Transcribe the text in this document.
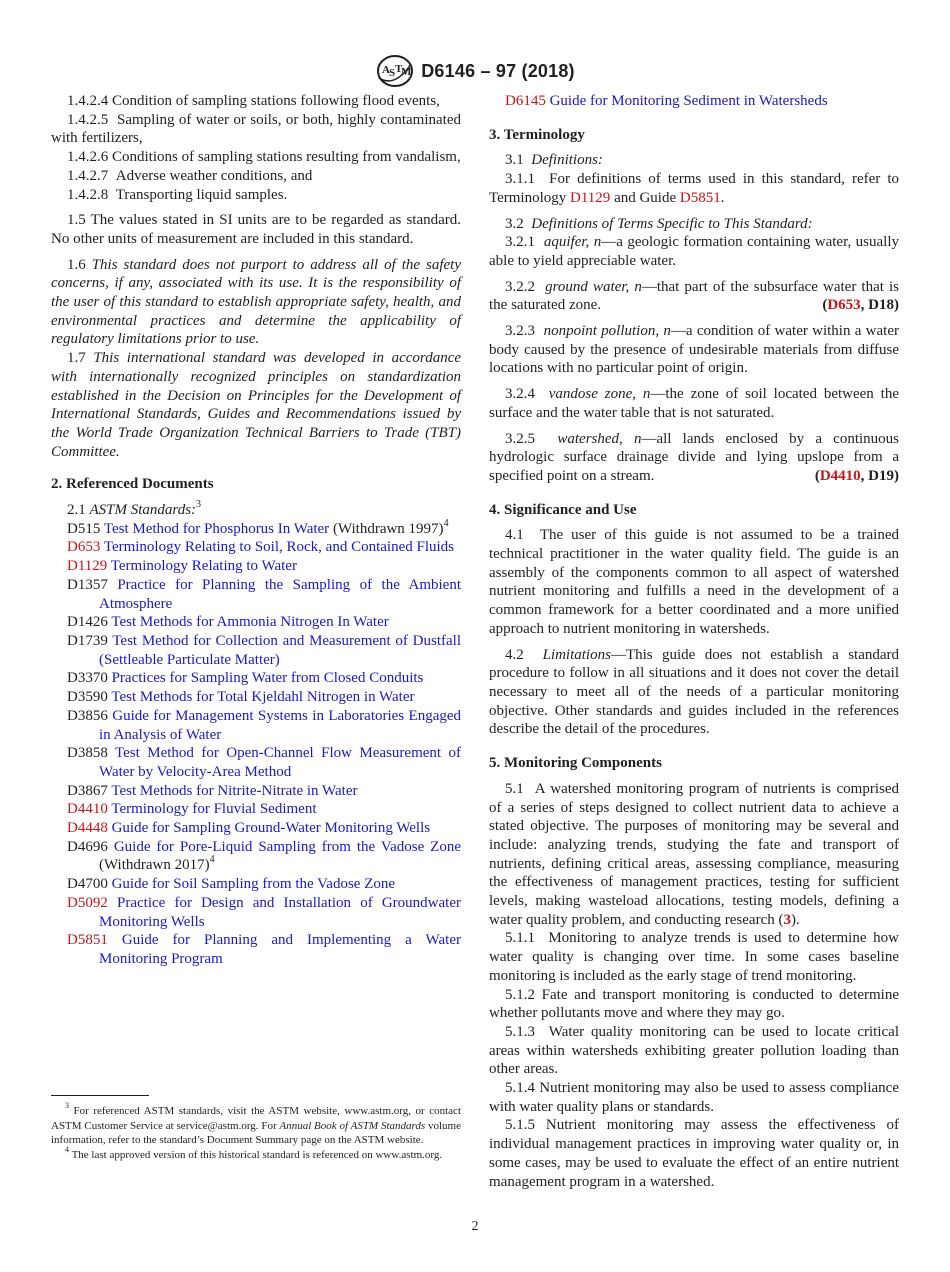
A S T
M D6146 – 97 (2018)

1.4.2.4 Condition of sampling stations following flood events,

1.4.2.5 Sampling of water or soils, or both, highly contaminated with fertilizers,

1.4.2.6 Conditions of sampling stations resulting from vandalism,

1.4.2.7 Adverse weather conditions, and

1.4.2.8 Transporting liquid samples.

1.5 The values stated in SI units are to be regarded as standard. No other units of measurement are included in this standard.

1.6 This standard does not purport to address all of the safety concerns, if any, associated with its use. It is the responsibility of the user of this standard to establish appropriate safety, health, and environmental practices and determine the applicability of regulatory limitations prior to use.

1.7 This international standard was developed in accordance with internationally recognized principles on standardization established in the Decision on Principles for the Development of International Standards, Guides and Recommendations issued by the World Trade Organization Technical Barriers to Trade (TBT) Committee.

2. Referenced Documents

2.1 ASTM Standards:$^3$

D515 Test Method for Phosphorus In Water (Withdrawn 1997)$^4$

D653 Terminology Relating to Soil, Rock, and Contained Fluids

D1129 Terminology Relating to Water

D1357 Practice for Planning the Sampling of the Ambient Atmosphere

D1426 Test Methods for Ammonia Nitrogen In Water

D1739 Test Method for Collection and Measurement of Dustfall (Settleable Particulate Matter)

D3370 Practices for Sampling Water from Closed Conduits

D3590 Test Methods for Total Kjeldahl Nitrogen in Water

D3856 Guide for Management Systems in Laboratories Engaged in Analysis of Water

D3858 Test Method for Open-Channel Flow Measurement of Water by Velocity-Area Method

D3867 Test Methods for Nitrite-Nitrate in Water

D4410 Terminology for Fluvial Sediment

D4448 Guide for Sampling Ground-Water Monitoring Wells

D4696 Guide for Pore-Liquid Sampling from the Vadose Zone (Withdrawn 2017)$^4$

D4700 Guide for Soil Sampling from the Vadose Zone

D5092 Practice for Design and Installation of Groundwater Monitoring Wells

D5851 Guide for Planning and Implementing a Water Monitoring Program

$^3$ For referenced ASTM standards, visit the ASTM website, www.astm.org, or contact ASTM Customer Service at service@astm.org. For Annual Book of ASTM Standards volume information, refer to the standard’s Document Summary page on the ASTM website.

$^4$ The last approved version of this historical standard is referenced on www.astm.org.

D6145 Guide for Monitoring Sediment in Watersheds

3. Terminology

3.1 Definitions:

3.1.1 For definitions of terms used in this standard, refer to Terminology D1129 and Guide D5851.

3.2 Definitions of Terms Specific to This Standard:

3.2.1 aquifer, n—a geologic formation containing water, usually able to yield appreciable water.

3.2.2 ground water, n—that part of the subsurface water that is the saturated zone.	(D653, D18)

3.2.3 nonpoint pollution, n—a condition of water within a water body caused by the presence of undesirable materials from diffuse locations with no particular point of origin.

3.2.4 vandose zone, n—the zone of soil located between the surface and the water table that is not saturated.

3.2.5 watershed, n—all lands enclosed by a continuous hydrologic surface drainage divide and lying upslope from a specified point on a stream.	(D4410, D19)

4. Significance and Use

4.1 The user of this guide is not assumed to be a trained technical practitioner in the water quality field. The guide is an assembly of the components common to all aspect of watershed nutrient monitoring and fulfills a need in the development of a common framework for a better coordinated and a more unified approach to nutrient monitoring in watersheds.

4.2 Limitations—This guide does not establish a standard procedure to follow in all situations and it does not cover the detail necessary to meet all of the needs of a particular monitoring objective. Other standards and guides included in the references describe the detail of the procedures.

5. Monitoring Components

5.1 A watershed monitoring program of nutrients is comprised of a series of steps designed to collect nutrient data to achieve a stated objective. The purposes of monitoring may be several and include: analyzing trends, studying the fate and transport of nutrients, defining critical areas, assessing compliance, measuring the effectiveness of management practices, testing for sufficient levels, making wasteload allocations, testing models, defining a water quality problem, and conducting research (3).

5.1.1 Monitoring to analyze trends is used to determine how water quality is changing over time. In some cases baseline monitoring is included as the early stage of trend monitoring.

5.1.2 Fate and transport monitoring is conducted to determine whether pollutants move and where they may go.

5.1.3 Water quality monitoring can be used to locate critical areas within watersheds exhibiting greater pollution loading than other areas.

5.1.4 Nutrient monitoring may also be used to assess compliance with water quality plans or standards.

5.1.5 Nutrient monitoring may assess the effectiveness of individual management practices in improving water quality or, in some cases, may be used to evaluate the effect of an entire nutrient management program in a watershed.

2
